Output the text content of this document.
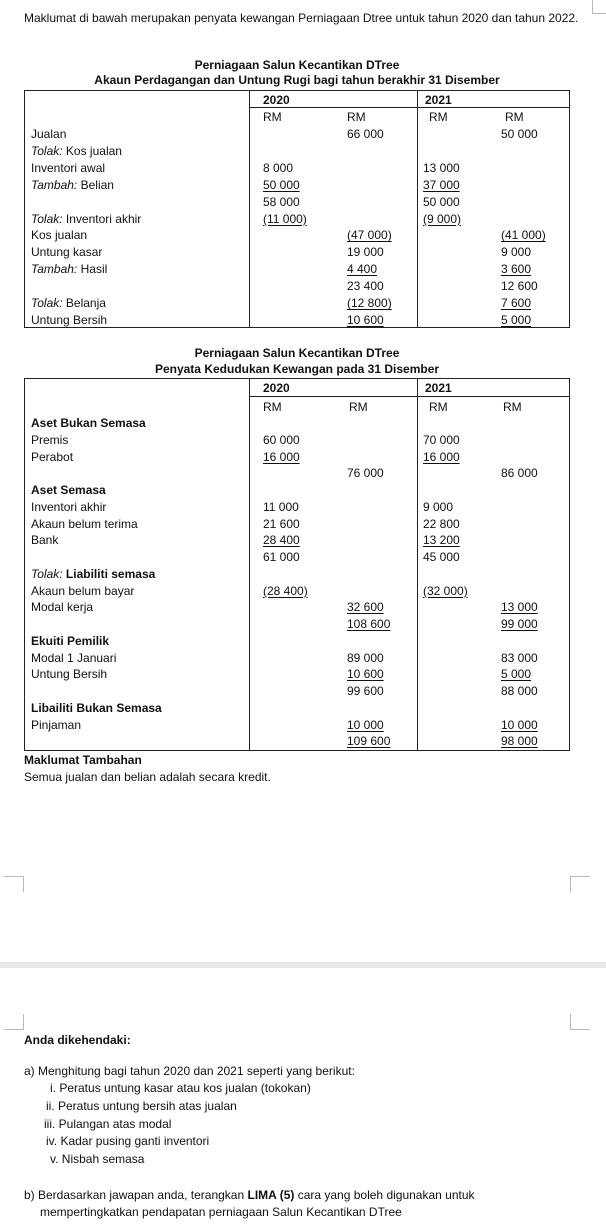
Maklumat di bawah merupakan penyata kewangan Perniagaan Dtree untuk tahun 2020 dan tahun 2022.
Perniagaan Salun Kecantikan DTree
Akaun Perdagangan dan Untung Rugi bagi tahun berakhir 31 Disember
2020	2021
RM	RM	RM	RM
Jualan	66 000	50 000
Tolak: Kos jualan
Inventori awal	8 000	13 000
Tambah: Belian	50 000	37 000
58 000	50 000
Tolak: Inventori akhir	(11 000)	(9 000)
Kos jualan	(47 000)	(41 000)
Untung kasar	19 000	9 000
Tambah: Hasil	4 400	3 600
23 400	12 600
Tolak: Belanja	(12 800)	7 600
Untung Bersih	10 600	5 000
Perniagaan Salun Kecantikan DTree
Penyata Kedudukan Kewangan pada 31 Disember
2020	2021
RM	RM	RM	RM
Aset Bukan Semasa
Premis	60 000	70 000
Perabot	16 000	16 000
76 000	86 000
Aset Semasa
Inventori akhir	11 000	9 000
Akaun belum terima	21 600	22 800
Bank	28 400	13 200
61 000	45 000
Tolak: Liabiliti semasa
Akaun belum bayar	(28 400)	(32 000)
Modal kerja	32 600	13 000
108 600	99 000
Ekuiti Pemilik
Modal 1 Januari	89 000	83 000
Untung Bersih	10 600	5 000
99 600	88 000
Libailiti Bukan Semasa
Pinjaman	10 000	10 000
109 600	98 000
Maklumat Tambahan
Semua jualan dan belian adalah secara kredit.
Anda dikehendaki:
a) Menghitung bagi tahun 2020 dan 2021 seperti yang berikut:
i. Peratus untung kasar atau kos jualan (tokokan)
ii. Peratus untung bersih atas jualan
iii. Pulangan atas modal
iv. Kadar pusing ganti inventori
v. Nisbah semasa
b) Berdasarkan jawapan anda, terangkan LIMA (5) cara yang boleh digunakan untuk
mempertingkatkan pendapatan perniagaan Salun Kecantikan DTree
